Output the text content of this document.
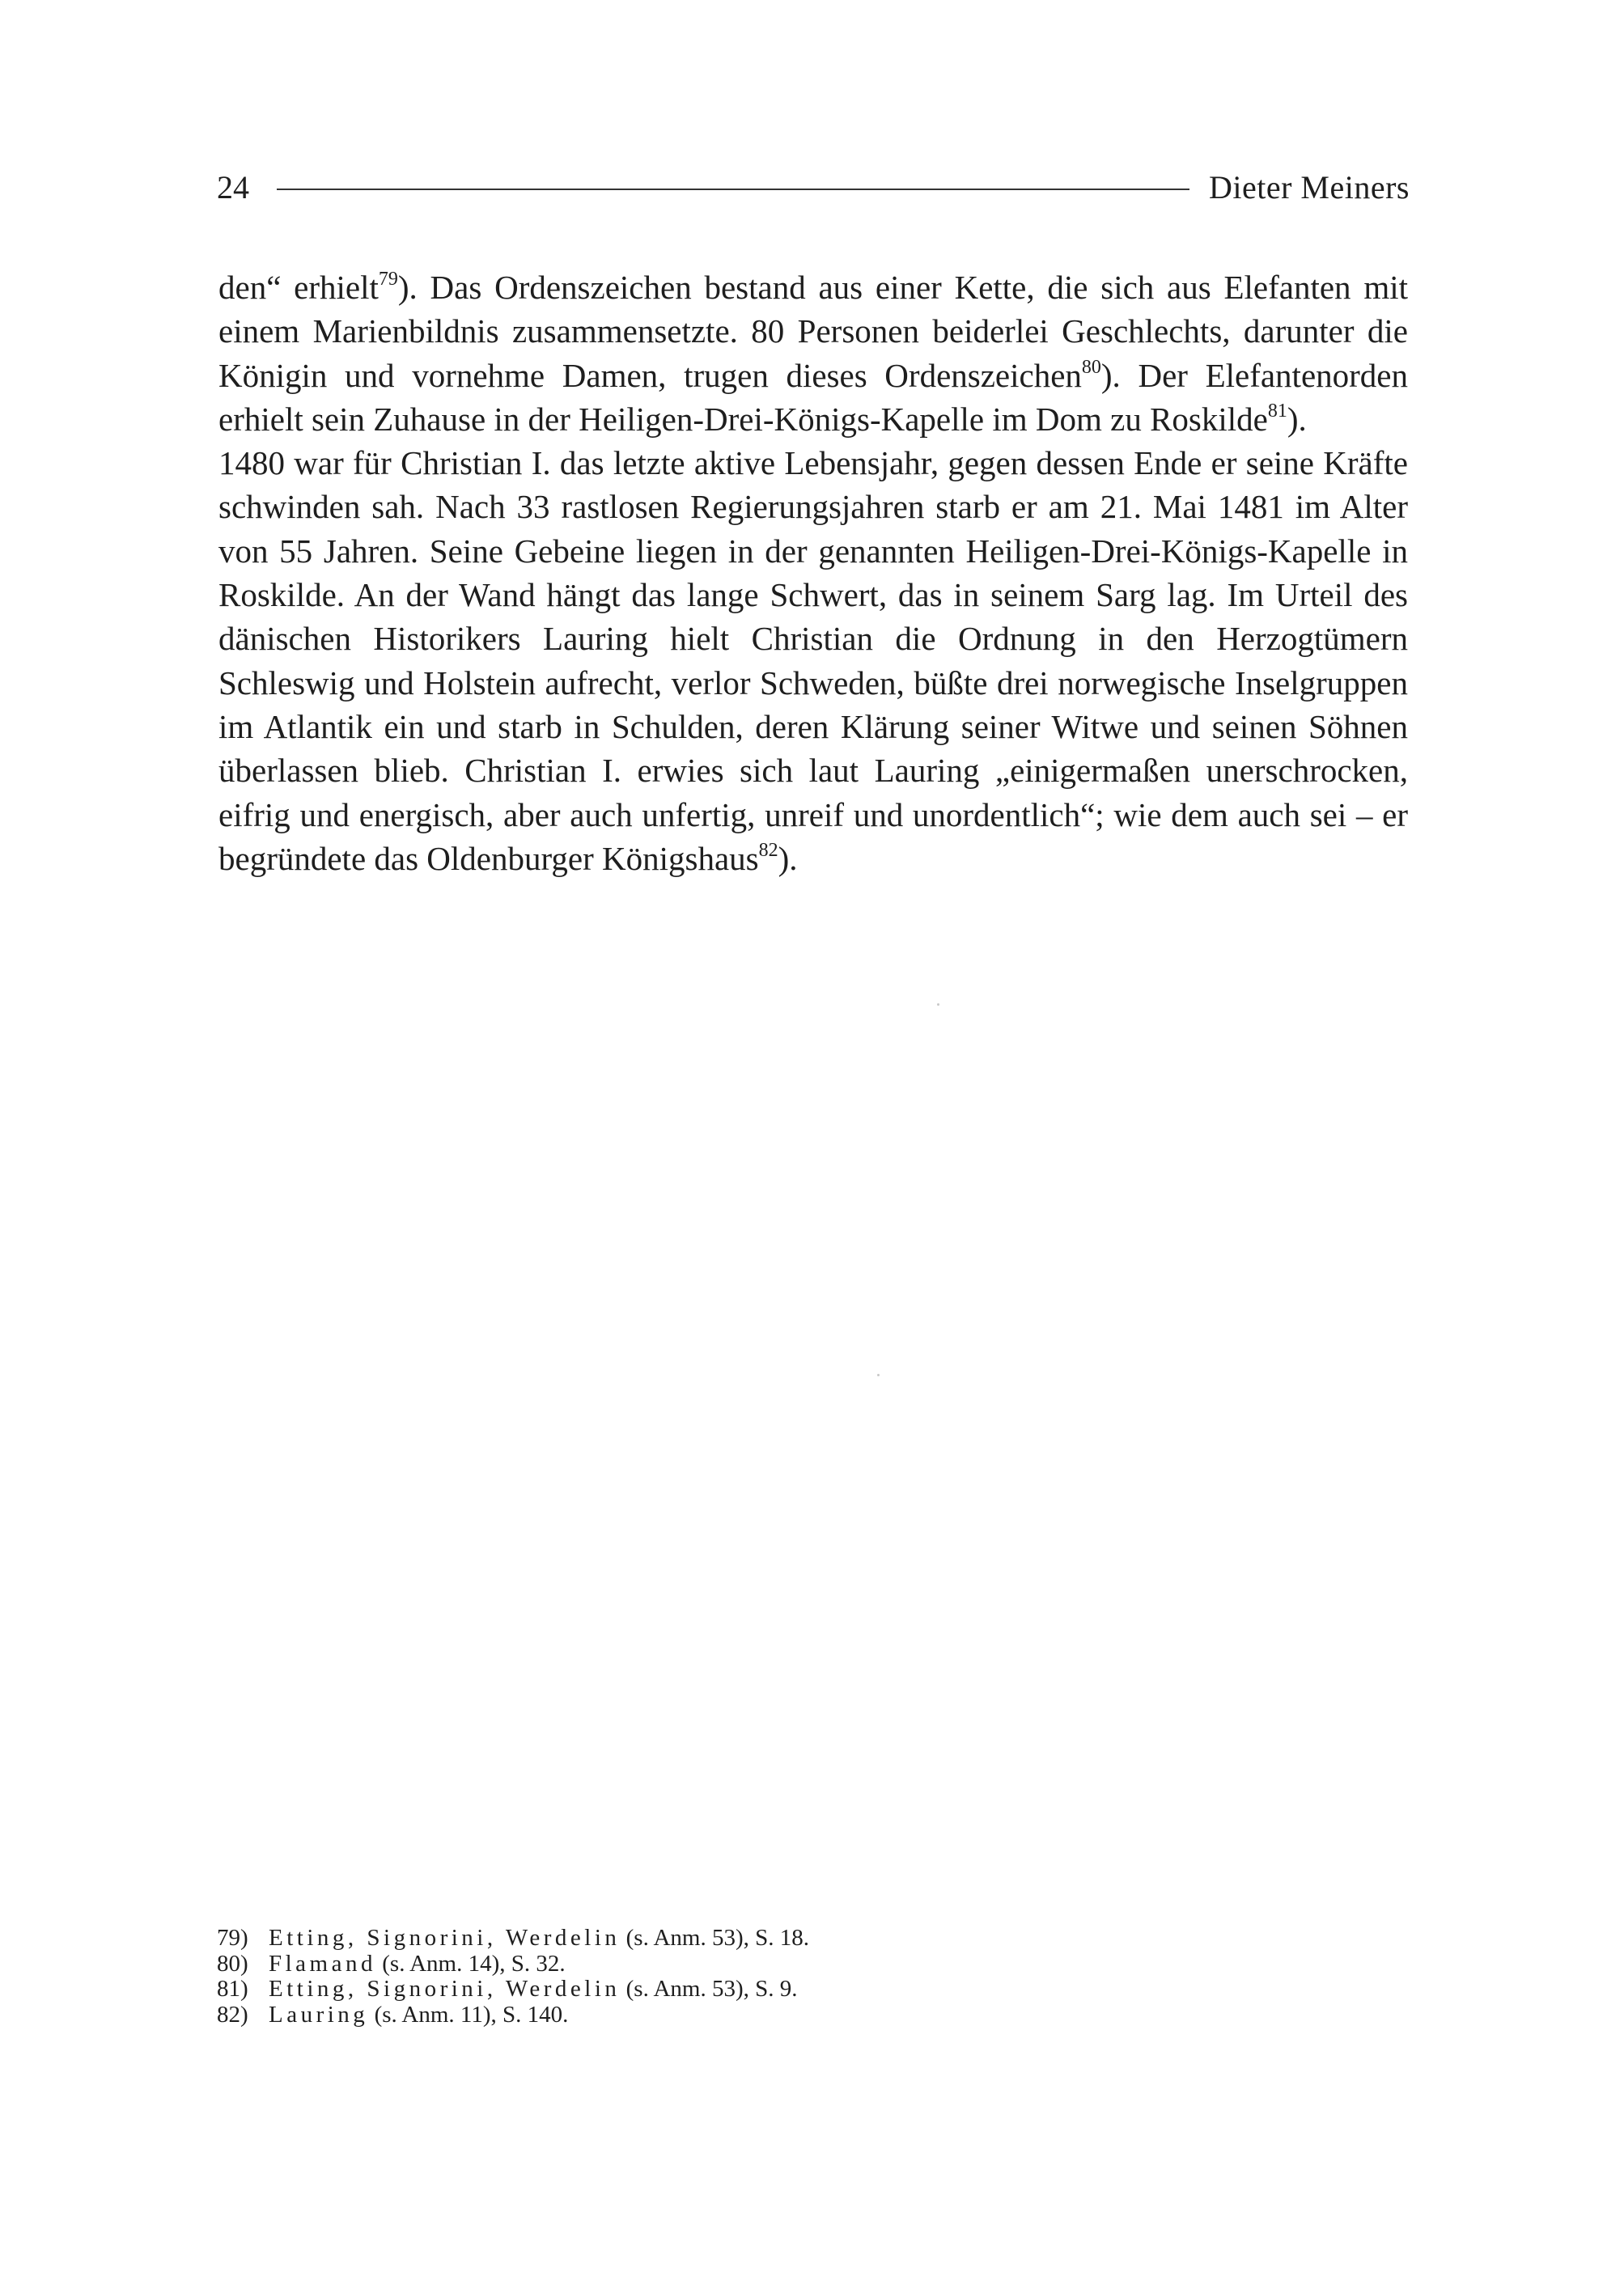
24	Dieter Meiners

den“ erhielt$^{79}$). Das Ordenszeichen bestand aus einer Kette, die sich aus Elefanten mit einem Marienbildnis zusammensetzte. 80 Personen beiderlei Geschlechts, darunter die Königin und vornehme Damen, trugen dieses Ordenszeichen$^{80}$). Der Elefantenorden erhielt sein Zuhause in der Heiligen-Drei-Königs-Kapelle im Dom zu Roskilde$^{81}$).

1480 war für Christian I. das letzte aktive Lebensjahr, gegen dessen Ende er seine Kräfte schwinden sah. Nach 33 rastlosen Regierungsjahren starb er am 21. Mai 1481 im Alter von 55 Jahren. Seine Gebeine liegen in der genannten Heiligen-Drei-Königs-Kapelle in Roskilde. An der Wand hängt das lange Schwert, das in seinem Sarg lag. Im Urteil des dänischen Historikers Lauring hielt Christian die Ordnung in den Herzogtümern Schleswig und Holstein aufrecht, verlor Schweden, büßte drei norwegische Inselgruppen im Atlantik ein und starb in Schulden, deren Klärung seiner Witwe und seinen Söhnen überlassen blieb. Christian I. erwies sich laut Lauring „einigermaßen unerschrocken, eifrig und energisch, aber auch unfertig, unreif und unordentlich“; wie dem auch sei – er begründete das Oldenburger Königshaus$^{82}$).

79) Etting, Signorini, Werdelin (s. Anm. 53), S. 18.
80) Flamand (s. Anm. 14), S. 32.
81) Etting, Signorini, Werdelin (s. Anm. 53), S. 9.
82) Lauring (s. Anm. 11), S. 140.
